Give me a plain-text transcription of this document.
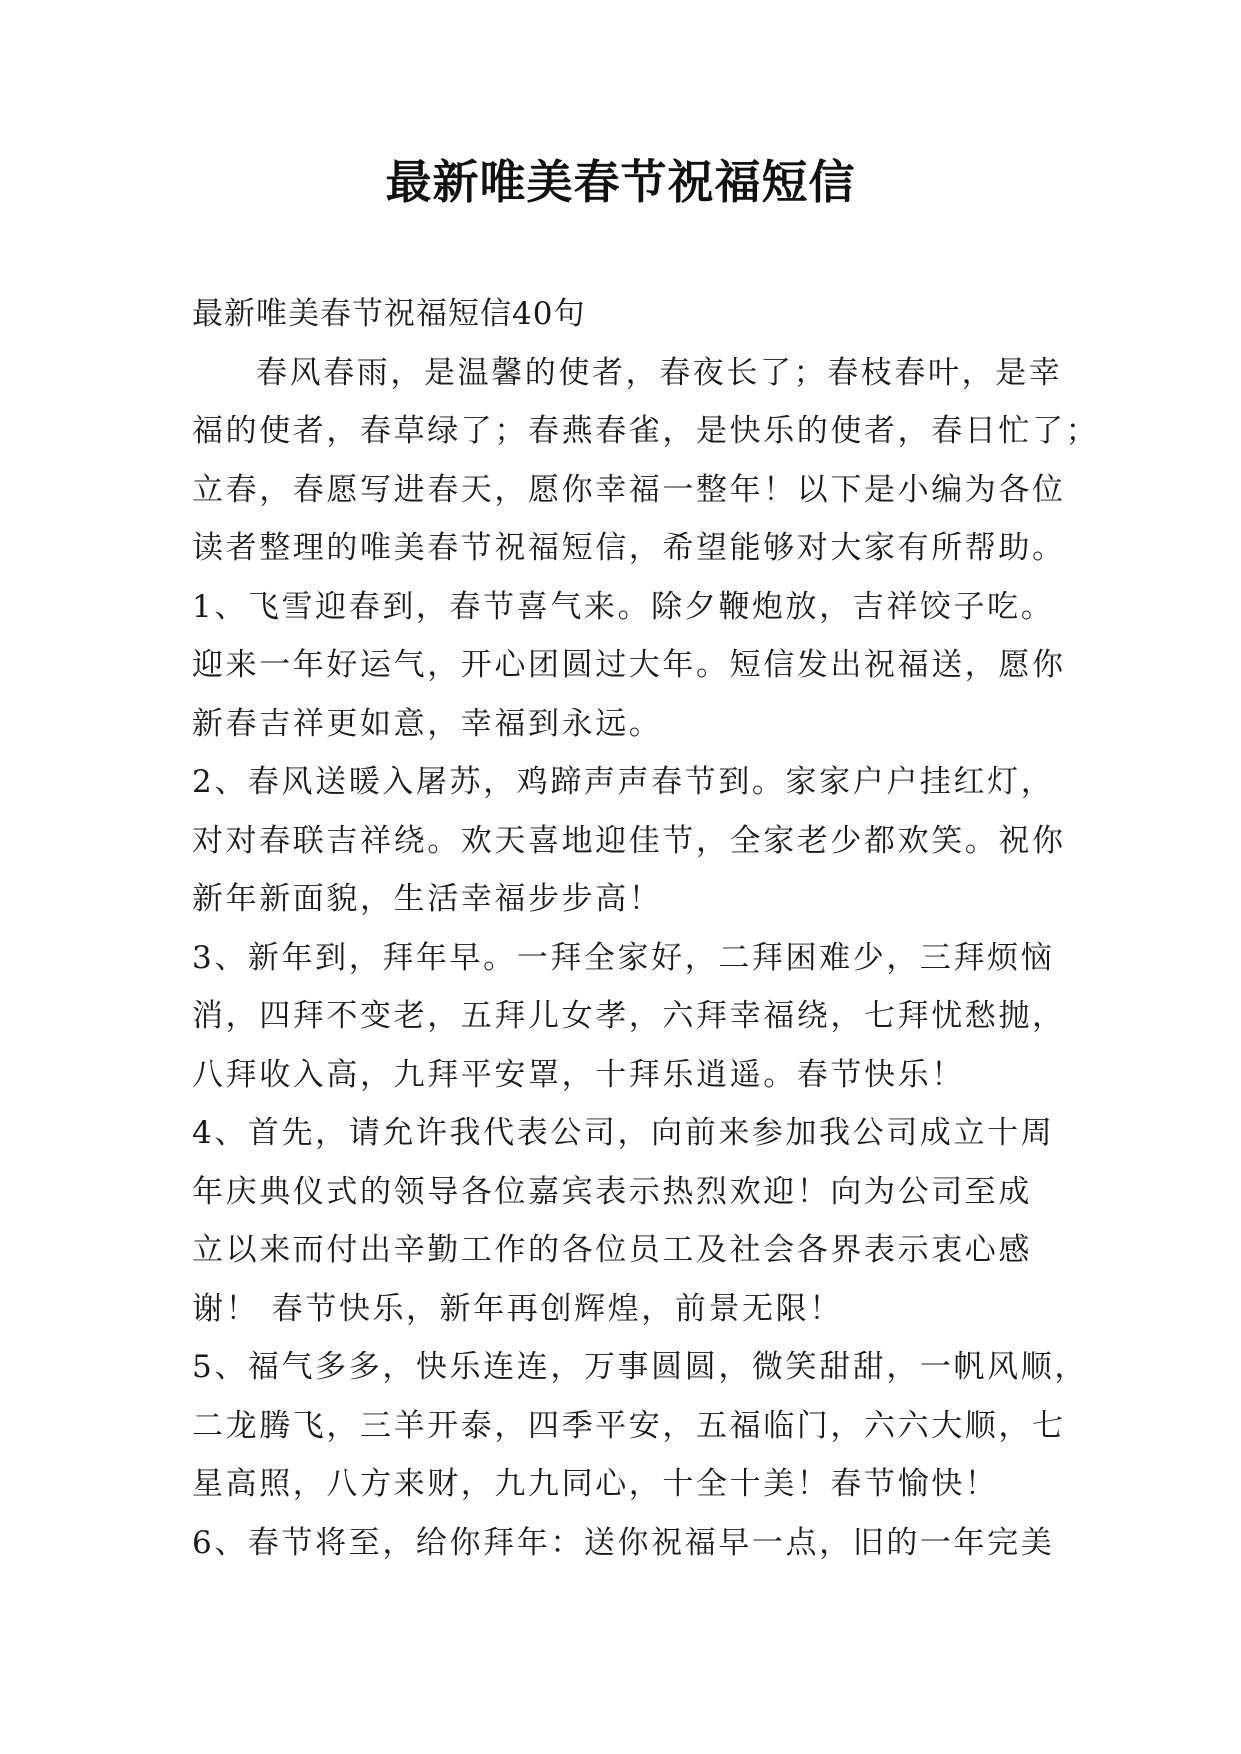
最新唯美春节祝福短信
最新唯美春节祝福短信40句
春风春雨，是温馨的使者，春夜长了；春枝春叶，是幸
福的使者，春草绿了；春燕春雀，是快乐的使者，春日忙了；
立春，春愿写进春天，愿你幸福一整年！以下是小编为各位
读者整理的唯美春节祝福短信，希望能够对大家有所帮助。
1、飞雪迎春到，春节喜气来。除夕鞭炮放，吉祥饺子吃。
迎来一年好运气，开心团圆过大年。短信发出祝福送，愿你
新春吉祥更如意，幸福到永远。
2、春风送暖入屠苏，鸡蹄声声春节到。家家户户挂红灯，
对对春联吉祥绕。欢天喜地迎佳节，全家老少都欢笑。祝你
新年新面貌，生活幸福步步高！
3、新年到，拜年早。一拜全家好，二拜困难少，三拜烦恼
消，四拜不变老，五拜儿女孝，六拜幸福绕，七拜忧愁抛，
八拜收入高，九拜平安罩，十拜乐逍遥。春节快乐！
4、首先，请允许我代表公司，向前来参加我公司成立十周
年庆典仪式的领导各位嘉宾表示热烈欢迎！向为公司至成
立以来而付出辛勤工作的各位员工及社会各界表示衷心感
谢！ 春节快乐，新年再创辉煌，前景无限！
5、福气多多，快乐连连，万事圆圆，微笑甜甜，一帆风顺，
二龙腾飞，三羊开泰，四季平安，五福临门，六六大顺，七
星高照，八方来财，九九同心，十全十美！春节愉快！
6、春节将至，给你拜年：送你祝福早一点，旧的一年完美
